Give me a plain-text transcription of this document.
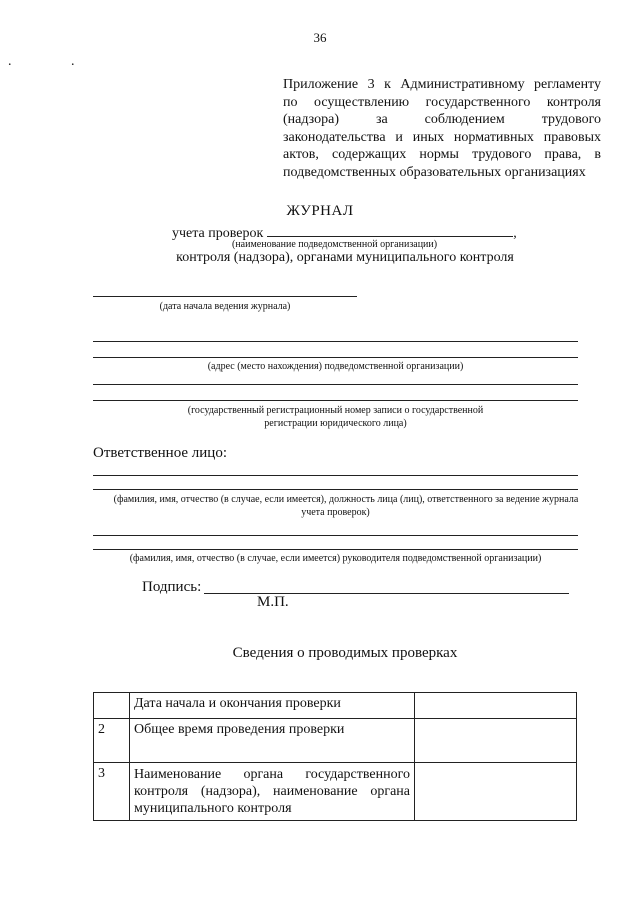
36
. .
Приложение 3 к Административному регламенту
по осуществлению государственного контроля
(надзора) за соблюдением трудового
законодательства и иных нормативных правовых
актов, содержащих нормы трудового права, в
подведомственных образовательных организациях
ЖУРНАЛ
учета проверок	,
(наименование подведомственной организации)
контроля (надзора), органами муниципального контроля
(дата начала ведения журнала)
(адрес (место нахождения) подведомственной организации)
(государственный регистрационный номер записи о государственной
регистрации юридического лица)
Ответственное лицо:
(фамилия, имя, отчество (в случае, если имеется), должность лица (лиц), ответственного за ведение журнала
учета проверок)
(фамилия, имя, отчество (в случае, если имеется) руководителя подведомственной организации)
Подпись:
М.П.
Сведения о проводимых проверках
	Дата начала и окончания проверки	
2	Общее время проведения проверки	
3	Наименование органа государственного
контроля (надзора), наименование органа
муниципального контроля	
